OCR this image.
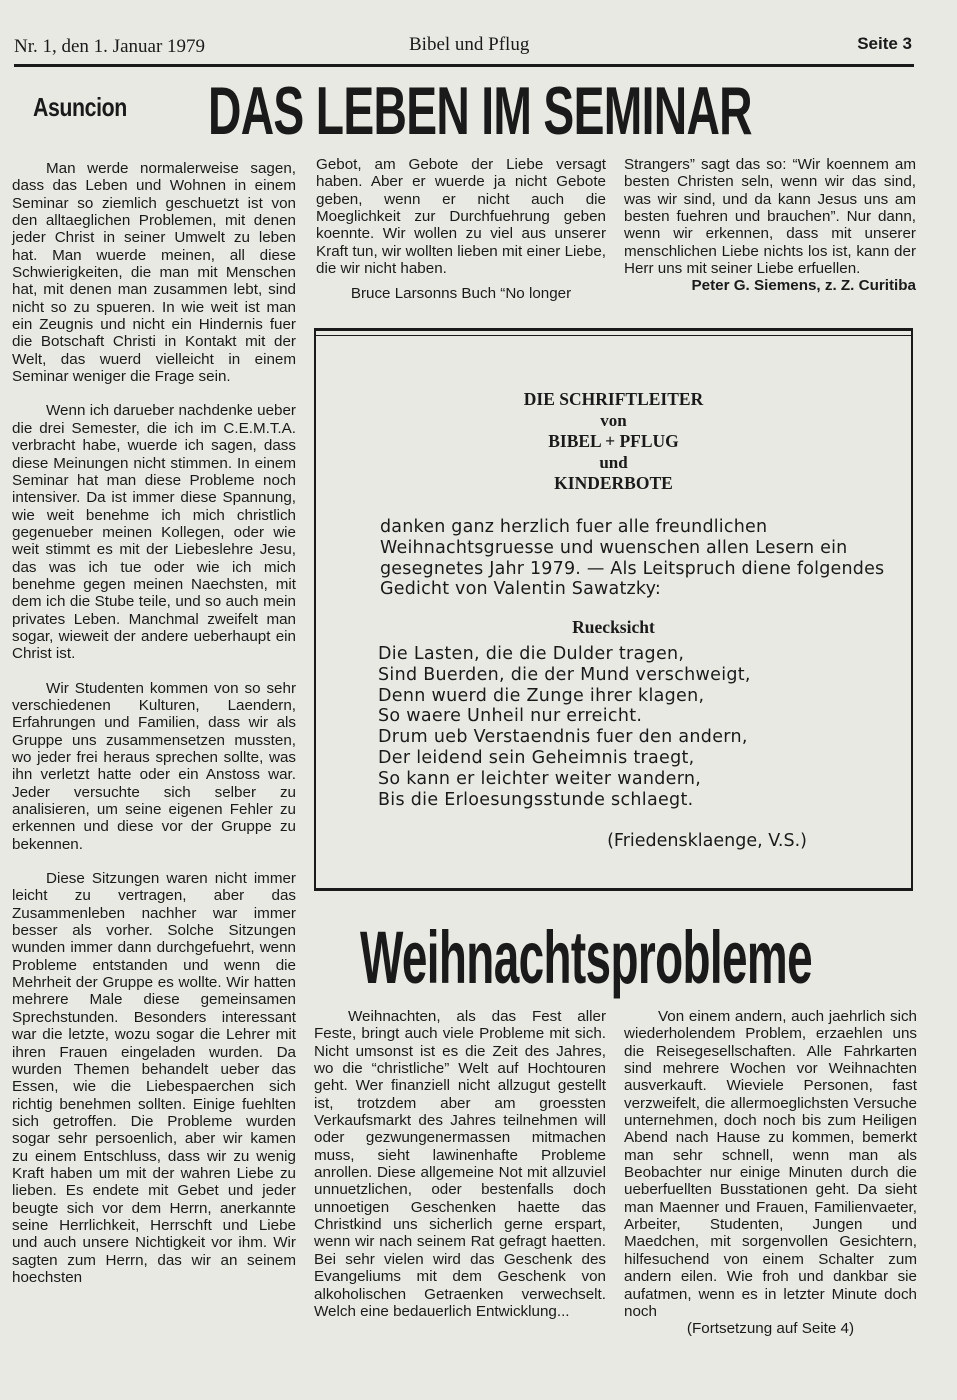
Nr. 1, den 1. Januar 1979	Bibel und Pflug	Seite 3
Asuncion DAS LEBEN IM SEMINAR

Man werde normalerweise sagen, dass das Leben und Wohnen in einem Seminar so ziemlich geschuetzt ist von den alltaeglichen Problemen, mit denen jeder Christ in seiner Umwelt zu leben hat. Man wuerde meinen, all diese Schwierigkeiten, die man mit Menschen hat, mit denen man zusammen lebt, sind nicht so zu spueren. In wie weit ist man ein Zeugnis und nicht ein Hindernis fuer die Botschaft Christi in Kontakt mit der Welt, das wuerd vielleicht in einem Seminar weniger die Frage sein.

Wenn ich darueber nachdenke ueber die drei Semester, die ich im C.E.M.T.A. verbracht habe, wuerde ich sagen, dass diese Meinungen nicht stimmen. In einem Seminar hat man diese Probleme noch intensiver. Da ist immer diese Spannung, wie weit benehme ich mich christlich gegenueber meinen Kollegen, oder wie weit stimmt es mit der Liebeslehre Jesu, das was ich tue oder wie ich mich benehme gegen meinen Naechsten, mit dem ich die Stube teile, und so auch mein privates Leben. Manchmal zweifelt man sogar, wieweit der andere ueberhaupt ein Christ ist.

Wir Studenten kommen von so sehr verschiedenen Kulturen, Laendern, Erfahrungen und Familien, dass wir als Gruppe uns zusammensetzen mussten, wo jeder frei heraus sprechen sollte, was ihn verletzt hatte oder ein Anstoss war. Jeder versuchte sich selber zu analisieren, um seine eigenen Fehler zu erkennen und diese vor der Gruppe zu bekennen.

Diese Sitzungen waren nicht immer leicht zu vertragen, aber das Zusammenleben nachher war immer besser als vorher. Solche Sitzungen wunden immer dann durchgefuehrt, wenn Probleme entstanden und wenn die Mehrheit der Gruppe es wollte. Wir hatten mehrere Male diese gemeinsamen Sprechstunden. Besonders interessant war die letzte, wozu sogar die Lehrer mit ihren Frauen eingeladen wurden. Da wurden Themen behandelt ueber das Essen, wie die Liebespaerchen sich richtig benehmen sollten. Einige fuehlten sich getroffen. Die Probleme wurden sogar sehr persoenlich, aber wir kamen zu einem Entschluss, dass wir zu wenig Kraft haben um mit der wahren Liebe zu lieben. Es endete mit Gebet und jeder beugte sich vor dem Herrn, anerkannte seine Herrlichkeit, Herrschft und Liebe und auch unsere Nichtigkeit vor ihm. Wir sagten zum Herrn, das wir an seinem hoechsten

Gebot, am Gebote der Liebe versagt haben. Aber er wuerde ja nicht Gebote geben, wenn er nicht auch die Moeglichkeit zur Durchfuehrung geben koennte. Wir wollen zu viel aus unserer Kraft tun, wir wollten lieben mit einer Liebe, die wir nicht haben.

Bruce Larsonns Buch “No longer

Strangers” sagt das so: “Wir koennem am besten Christen seln, wenn wir das sind, was wir sind, und da kann Jesus uns am besten fuehren und brauchen”. Nur dann, wenn wir erkennen, dass mit unserer menschlichen Liebe nichts los ist, kann der Herr uns mit seiner Liebe erfuellen.

Peter G. Siemens, z. Z. Curitiba
DIE SCHRIFTLEITER
von
BIBEL + PFLUG
und
KINDERBOTE
danken ganz herzlich fuer alle freundlichen Weihnachtsgruesse und wuenschen allen Lesern ein gesegnetes Jahr 1979. — Als Leitspruch diene folgendes Gedicht von Valentin Sawatzky:
Ruecksicht
Die Lasten, die die Dulder tragen,
Sind Buerden, die der Mund verschweigt,
Denn wuerd die Zunge ihrer klagen,
So waere Unheil nur erreicht.
Drum ueb Verstaendnis fuer den andern,
Der leidend sein Geheimnis traegt,
So kann er leichter weiter wandern,
Bis die Erloesungsstunde schlaegt.
(Friedensklaenge, V.S.)
Weihnachtsprobleme

Weihnachten, als das Fest aller Feste, bringt auch viele Probleme mit sich. Nicht umsonst ist es die Zeit des Jahres, wo die “christliche” Welt auf Hochtouren geht. Wer finanziell nicht allzugut gestellt ist, trotzdem aber am groessten Verkaufsmarkt des Jahres teilnehmen will oder gezwungenermassen mitmachen muss, sieht lawinenhafte Probleme anrollen. Diese allgemeine Not mit allzuviel unnuetzlichen, oder bestenfalls doch unnoetigen Geschenken haette das Christkind uns sicherlich gerne erspart, wenn wir nach seinem Rat gefragt haetten. Bei sehr vielen wird das Geschenk des Evangeliums mit dem Geschenk von alkoholischen Getraenken verwechselt. Welch eine bedauerlich Entwicklung...

Von einem andern, auch jaehrlich sich wiederholendem Problem, erzaehlen uns die Reisegesellschaften. Alle Fahrkarten sind mehrere Wochen vor Weihnachten ausverkauft. Wieviele Personen, fast verzweifelt, die allermoeglichsten Versuche unternehmen, doch noch bis zum Heiligen Abend nach Hause zu kommen, bemerkt man sehr schnell, wenn man als Beobachter nur einige Minuten durch die ueberfuellten Busstationen geht. Da sieht man Maenner und Frauen, Familienvaeter, Arbeiter, Studenten, Jungen und Maedchen, mit sorgenvollen Gesichtern, hilfesuchend von einem Schalter zum andern eilen. Wie froh und dankbar sie aufatmen, wenn es in letzter Minute doch noch

(Fortsetzung auf Seite 4)
